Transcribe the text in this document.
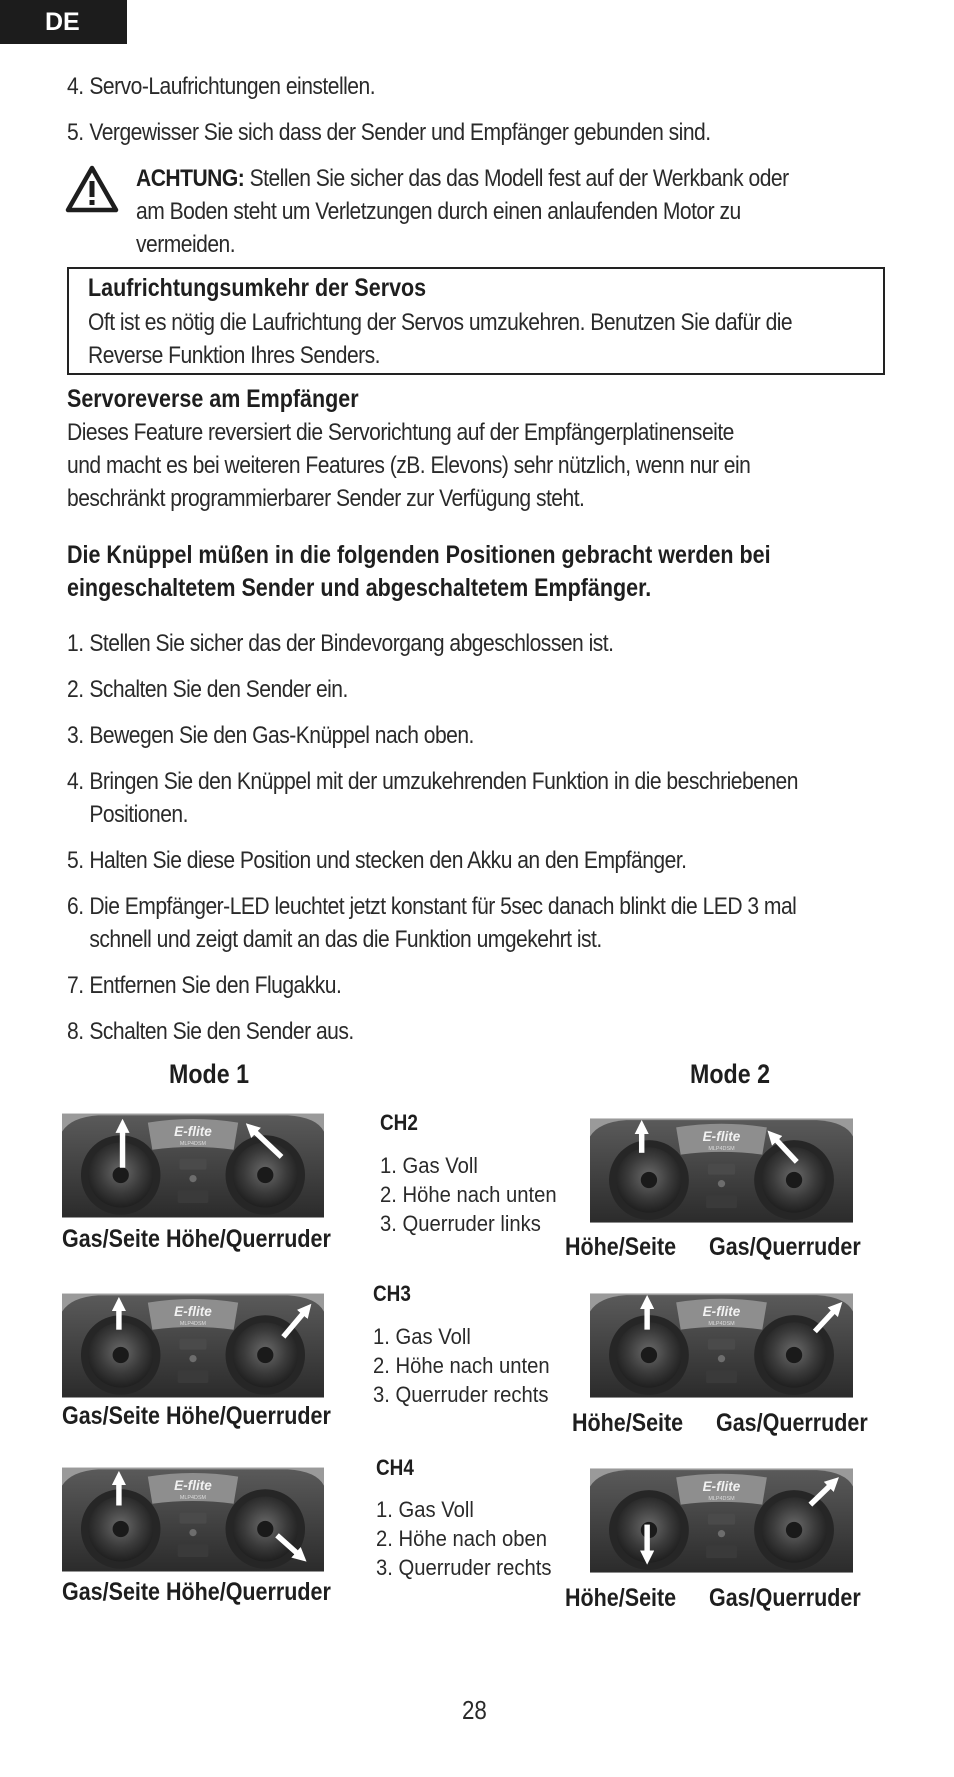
DE
4. Servo-Laufrichtungen einstellen.
5. Vergewisser Sie sich dass der Sender und Empfänger gebunden sind.
ACHTUNG: Stellen Sie sicher das das Modell fest auf der Werkbank oder
am Boden steht um Verletzungen durch einen anlaufenden Motor zu
vermeiden.
Laufrichtungsumkehr der Servos
Oft ist es nötig die Laufrichtung der Servos umzukehren. Benutzen Sie dafür die
Reverse Funktion Ihres Senders.
Servoreverse am Empfänger
Dieses Feature reversiert die Servorichtung auf der Empfängerplatinenseite
und macht es bei weiteren Features (zB. Elevons) sehr nützlich, wenn nur ein
beschränkt programmierbarer Sender zur Verfügung steht.
Die Knüppel müßen in die folgenden Positionen gebracht werden bei
eingeschaltetem Sender und abgeschaltetem Empfänger.
1. Stellen Sie sicher das der Bindevorgang abgeschlossen ist.
2. Schalten Sie den Sender ein.
3. Bewegen Sie den Gas-Knüppel nach oben.
4. Bringen Sie den Knüppel mit der umzukehrenden Funktion in die beschriebenen
Positionen.
5. Halten Sie diese Position und stecken den Akku an den Empfänger.
6. Die Empfänger-LED leuchtet jetzt konstant für 5sec danach blinkt die LED 3 mal
schnell und zeigt damit an das die Funktion umgekehrt ist.
7. Entfernen Sie den Flugakku.
8. Schalten Sie den Sender aus.
Mode 1	Mode 2
Gas/Seite Höhe/Querruder
CH2
1. Gas Voll
2. Höhe nach unten
3. Querruder links
Höhe/Seite Gas/Querruder
Gas/Seite Höhe/Querruder
CH3
1. Gas Voll
2. Höhe nach unten
3. Querruder rechts
Höhe/Seite Gas/Querruder
Gas/Seite Höhe/Querruder
CH4
1. Gas Voll
2. Höhe nach oben
3. Querruder rechts
Höhe/Seite Gas/Querruder
28
